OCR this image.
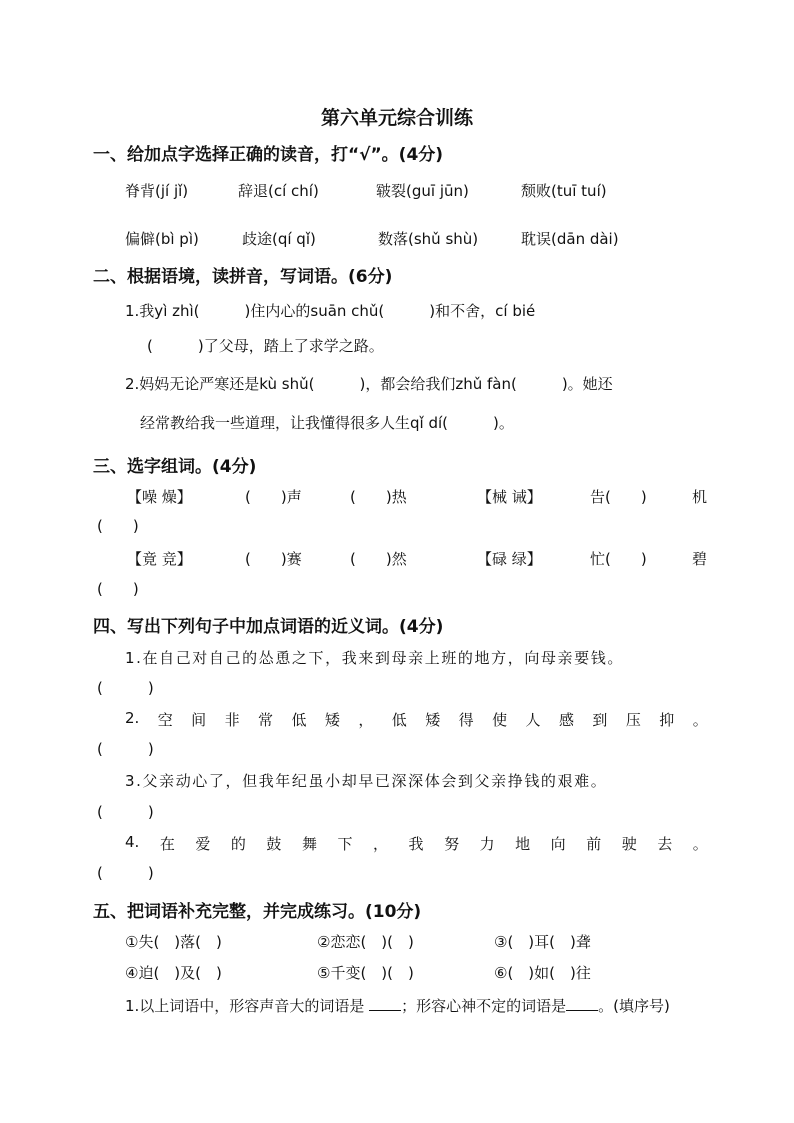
第六单元综合训练
一、给加点字选择正确的读音，打“√”。(4分)
脊背(jí jǐ)	辞退(cí chí)	皲裂(guī jūn)	颓败(tuī tuí)
偏僻(bì pì)	歧途(qí qǐ)	数落(shǔ shù)	耽误(dān dài)
二、根据语境，读拼音，写词语。(6分)
1.我yì zhì(　　　)住内心的suān chǔ(　　　)和不舍，cí bié
(　　　)了父母，踏上了求学之路。
2.妈妈无论严寒还是kù shǔ(　　　)，都会给我们zhǔ fàn(　　　)。她还
经常教给我一些道理，让我懂得很多人生qǐ dí(　　　)。
三、选字组词。(4分)
【噪 燥】	(　　)声	(　　)热	【械 诫】	告(　　)	机
(　　)
【竟 竞】	(　　)赛	(　　)然	【碌 绿】	忙(　　)	碧
(　　)
四、写出下列句子中加点词语的近义词。(4分)
1.在自己对自己的怂恿之下，我来到母亲上班的地方，向母亲要钱。
(　　　)
2. 空 间 非 常 低 矮 ， 低 矮 得 使 人 感 到 压 抑 。
(　　　)
3.父亲动心了，但我年纪虽小却早已深深体会到父亲挣钱的艰难。
(　　　)
4. 在 爱 的 鼓 舞 下 ， 我 努 力 地 向 前 驶 去 。
(　　　)
五、把词语补充完整，并完成练习。(10分)
①失(　)落(　)	②恋恋(　)(　)	③(　)耳(　)聋
④迫(　)及(　)	⑤千变(　)(　)	⑥(　)如(　)往
1.以上词语中，形容声音大的词语是 ；形容心神不定的词语是 。(填序号)
